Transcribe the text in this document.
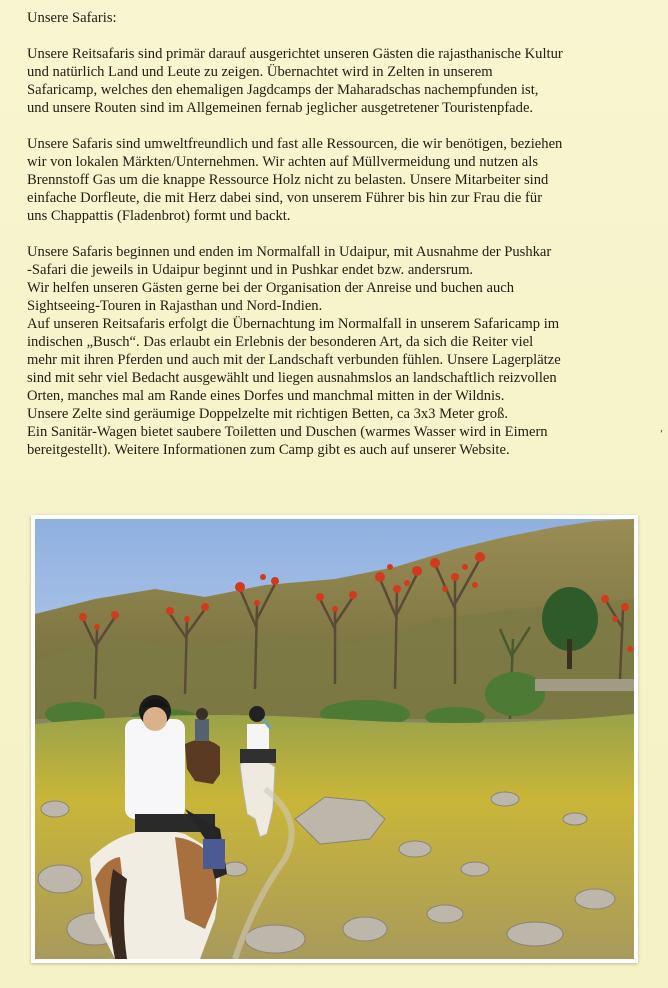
Unsere Safaris:
Unsere Reitsafaris sind primär darauf ausgerichtet unseren Gästen die rajasthanische Kultur
und natürlich Land und Leute zu zeigen. Übernachtet wird in Zelten in unserem
Safaricamp, welches den ehemaligen Jagdcamps der Maharadschas nachempfunden ist,
und unsere Routen sind im Allgemeinen fernab jeglicher ausgetretener Touristenpfade.
Unsere Safaris sind umweltfreundlich und fast alle Ressourcen, die wir benötigen, beziehen
wir von lokalen Märkten/Unternehmen. Wir achten auf Müllvermeidung und nutzen als
Brennstoff Gas um die knappe Ressource Holz nicht zu belasten. Unsere Mitarbeiter sind
einfache Dorfleute, die mit Herz dabei sind, von unserem Führer bis hin zur Frau die für
uns Chappattis (Fladenbrot) formt und backt.
Unsere Safaris beginnen und enden im Normalfall in Udaipur, mit Ausnahme der Pushkar
-Safari die jeweils in Udaipur beginnt und in Pushkar endet bzw. andersrum.
Wir helfen unseren Gästen gerne bei der Organisation der Anreise und buchen auch
Sightseeing-Touren in Rajasthan und Nord-Indien.
Auf unseren Reitsafaris erfolgt die Übernachtung im Normalfall in unserem Safaricamp im
indischen „Busch“. Das erlaubt ein Erlebnis der besonderen Art, da sich die Reiter viel
mehr mit ihren Pferden und auch mit der Landschaft verbunden fühlen. Unsere Lagerplätze
sind mit sehr viel Bedacht ausgewählt und liegen ausnahmslos an landschaftlich reizvollen
Orten, manches mal am Rande eines Dorfes und manchmal mitten in der Wildnis.
Unsere Zelte sind geräumige Doppelzelte mit richtigen Betten, ca 3x3 Meter groß.
Ein Sanitär-Wagen bietet saubere Toiletten und Duschen (warmes Wasser wird in Eimern
bereitgestellt). Weitere Informationen zum Camp gibt es auch auf unserer Website.
ʹ
